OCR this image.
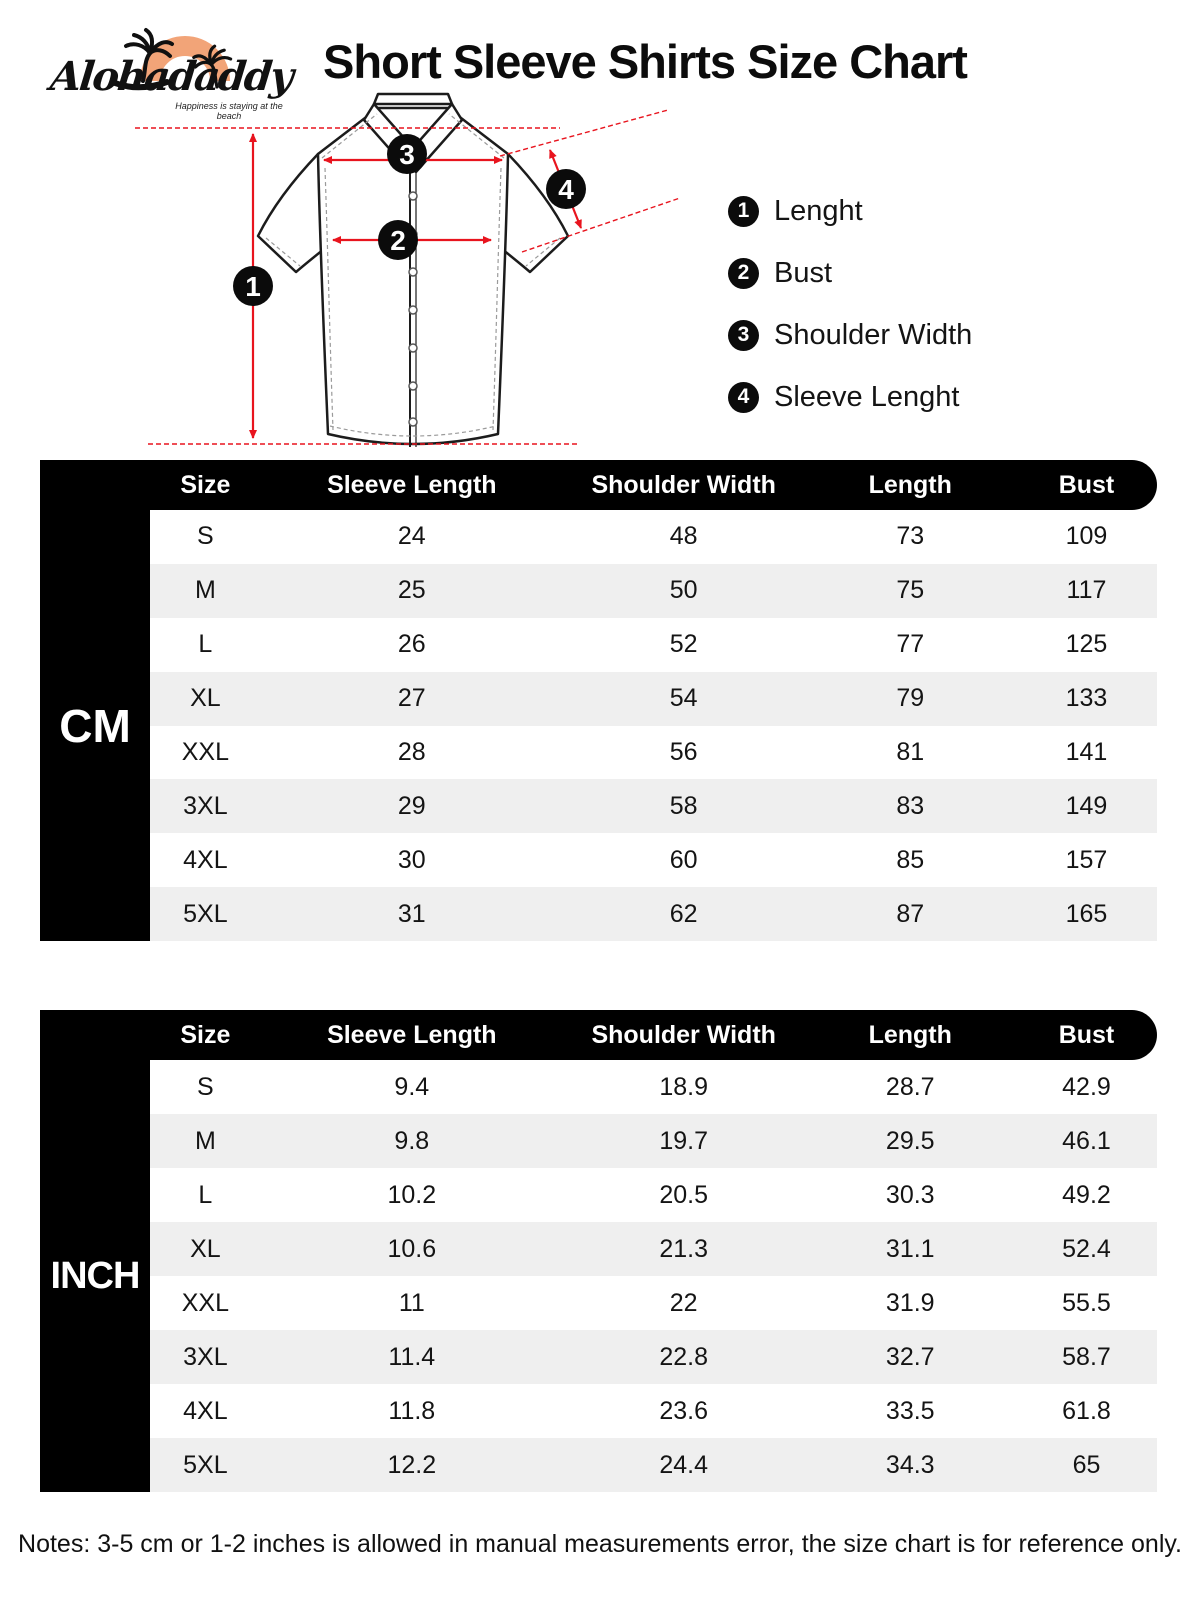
Alohadaddy
Happiness is staying at the beach
Short Sleeve Shirts Size Chart
1
2
3
4
1 Lenght
2 Bust
3 Shoulder Width
4 Sleeve Lenght
Size	Sleeve Length	Shoulder Width	Length	Bust
CM
S	24	48	73	109
M	25	50	75	117
L	26	52	77	125
XL	27	54	79	133
XXL	28	56	81	141
3XL	29	58	83	149
4XL	30	60	85	157
5XL	31	62	87	165
Size	Sleeve Length	Shoulder Width	Length	Bust
INCH
S	9.4	18.9	28.7	42.9
M	9.8	19.7	29.5	46.1
L	10.2	20.5	30.3	49.2
XL	10.6	21.3	31.1	52.4
XXL	11	22	31.9	55.5
3XL	11.4	22.8	32.7	58.7
4XL	11.8	23.6	33.5	61.8
5XL	12.2	24.4	34.3	65
Notes: 3-5 cm or 1-2 inches is allowed in manual measurements error, the size chart is for reference only.
